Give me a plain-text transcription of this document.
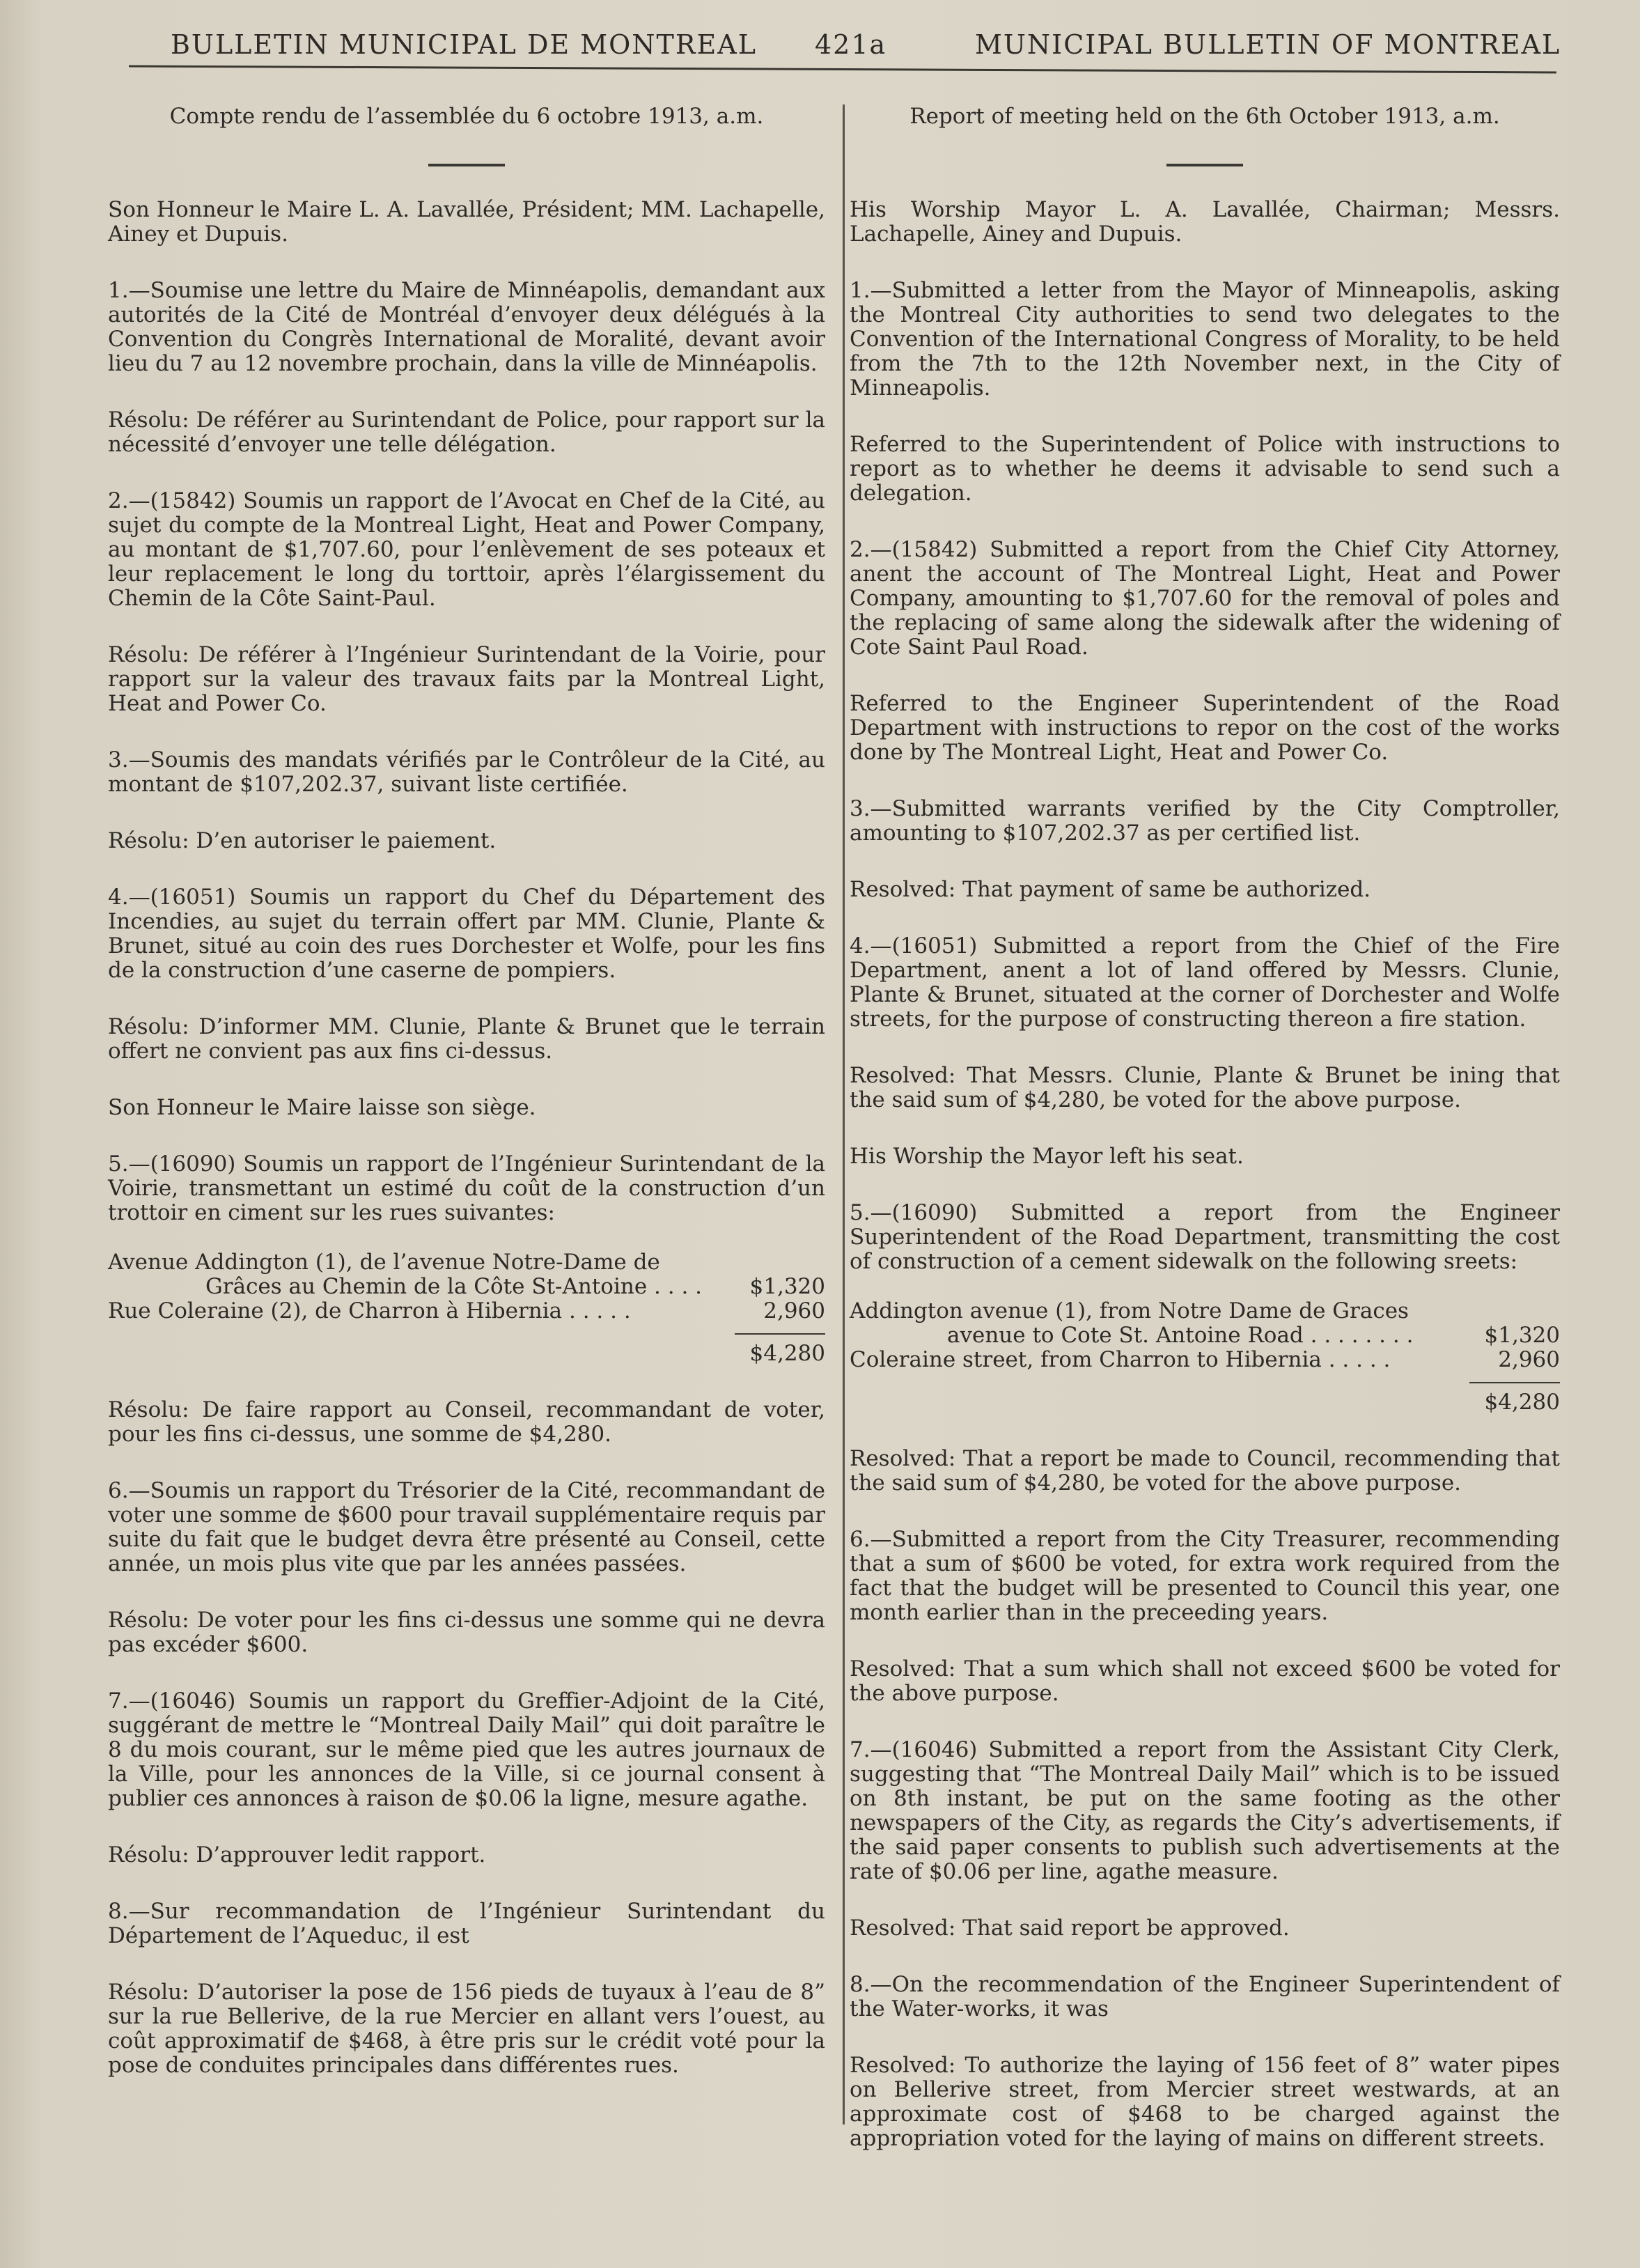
BULLETIN MUNICIPAL DE MONTREAL 421a	MUNICIPAL BULLETIN OF MONTREAL

Compte rendu de l’assemblée du 6 octobre 1913, a.m.

Son Honneur le Maire L. A. Lavallée, Président; MM. Lachapelle, Ainey et Dupuis.

1.—Soumise une lettre du Maire de Minnéapolis, demandant aux autorités de la Cité de Montréal d’envoyer deux délégués à la Convention du Congrès International de Moralité, devant avoir lieu du 7 au 12 novembre prochain, dans la ville de Minnéapolis.

Résolu: De référer au Surintendant de Police, pour rapport sur la nécessité d’envoyer une telle délégation.

2.—(15842) Soumis un rapport de l’Avocat en Chef de la Cité, au sujet du compte de la Montreal Light, Heat and Power Company, au montant de $1,707.60, pour l’enlèvement de ses poteaux et leur replacement le long du torttoir, après l’élargissement du Chemin de la Côte Saint-Paul.

Résolu: De référer à l’Ingénieur Surintendant de la Voirie, pour rapport sur la valeur des travaux faits par la Montreal Light, Heat and Power Co.

3.—Soumis des mandats vérifiés par le Contrôleur de la Cité, au montant de $107,202.37, suivant liste certifiée.

Résolu: D’en autoriser le paiement.

4.—(16051) Soumis un rapport du Chef du Département des Incendies, au sujet du terrain offert par MM. Clunie, Plante & Brunet, situé au coin des rues Dorchester et Wolfe, pour les fins de la construction d’une caserne de pompiers.

Résolu: D’informer MM. Clunie, Plante & Brunet que le terrain offert ne convient pas aux fins ci-dessus.

Son Honneur le Maire laisse son siège.

5.—(16090) Soumis un rapport de l’Ingénieur Surintendant de la Voirie, transmettant un estimé du coût de la construction d’un trottoir en ciment sur les rues suivantes:

Avenue Addington (1), de l’avenue Notre-Dame de
Grâces au Chemin de la Côte St-Antoine . . . .	$1,320
Rue Coleraine (2), de Charron à Hibernia . . . . .	2,960
$4,280

Résolu: De faire rapport au Conseil, recommandant de voter, pour les fins ci-dessus, une somme de $4,280.

6.—Soumis un rapport du Trésorier de la Cité, recommandant de voter une somme de $600 pour travail supplémentaire requis par suite du fait que le budget devra être présenté au Conseil, cette année, un mois plus vite que par les années passées.

Résolu: De voter pour les fins ci-dessus une somme qui ne devra pas excéder $600.

7.—(16046) Soumis un rapport du Greffier-Adjoint de la Cité, suggérant de mettre le “Montreal Daily Mail” qui doit paraître le 8 du mois courant, sur le même pied que les autres journaux de la Ville, pour les annonces de la Ville, si ce journal consent à publier ces annonces à raison de $0.06 la ligne, mesure agathe.

Résolu: D’approuver ledit rapport.

8.—Sur recommandation de l’Ingénieur Surintendant du Département de l’Aqueduc, il est

Résolu: D’autoriser la pose de 156 pieds de tuyaux à l’eau de 8” sur la rue Bellerive, de la rue Mercier en allant vers l’ouest, au coût approximatif de $468, à être pris sur le crédit voté pour la pose de conduites principales dans différentes rues.

Report of meeting held on the 6th October 1913, a.m.

His Worship Mayor L. A. Lavallée, Chairman; Messrs. Lachapelle, Ainey and Dupuis.

1.—Submitted a letter from the Mayor of Minneapolis, asking the Montreal City authorities to send two delegates to the Convention of the International Congress of Morality, to be held from the 7th to the 12th November next, in the City of Minneapolis.

Referred to the Superintendent of Police with instructions to report as to whether he deems it advisable to send such a delegation.

2.—(15842) Submitted a report from the Chief City Attorney, anent the account of The Montreal Light, Heat and Power Company, amounting to $1,707.60 for the removal of poles and the replacing of same along the sidewalk after the widening of Cote Saint Paul Road.

Referred to the Engineer Superintendent of the Road Department with instructions to repor on the cost of the works done by The Montreal Light, Heat and Power Co.

3.—Submitted warrants verified by the City Comptroller, amounting to $107,202.37 as per certified list.

Resolved: That payment of same be authorized.

4.—(16051) Submitted a report from the Chief of the Fire Department, anent a lot of land offered by Messrs. Clunie, Plante & Brunet, situated at the corner of Dorchester and Wolfe streets, for the purpose of constructing thereon a fire station.

Resolved: That Messrs. Clunie, Plante & Brunet be ining that the said sum of $4,280, be voted for the above purpose.

His Worship the Mayor left his seat.

5.—(16090) Submitted a report from the Engineer Superintendent of the Road Department, transmitting the cost of construction of a cement sidewalk on the following sreets:

Addington avenue (1), from Notre Dame de Graces
avenue to Cote St. Antoine Road . . . . . . . .	$1,320
Coleraine street, from Charron to Hibernia . . . . .	2,960
$4,280

Resolved: That a report be made to Council, recommending that the said sum of $4,280, be voted for the above purpose.

6.—Submitted a report from the City Treasurer, recommending that a sum of $600 be voted, for extra work required from the fact that the budget will be presented to Council this year, one month earlier than in the preceeding years.

Resolved: That a sum which shall not exceed $600 be voted for the above purpose.

7.—(16046) Submitted a report from the Assistant City Clerk, suggesting that “The Montreal Daily Mail” which is to be issued on 8th instant, be put on the same footing as the other newspapers of the City, as regards the City’s advertisements, if the said paper consents to publish such advertisements at the rate of $0.06 per line, agathe measure.

Resolved: That said report be approved.

8.—On the recommendation of the Engineer Superintendent of the Water-works, it was

Resolved: To authorize the laying of 156 feet of 8” water pipes on Bellerive street, from Mercier street westwards, at an approximate cost of $468 to be charged against the appropriation voted for the laying of mains on different streets.
